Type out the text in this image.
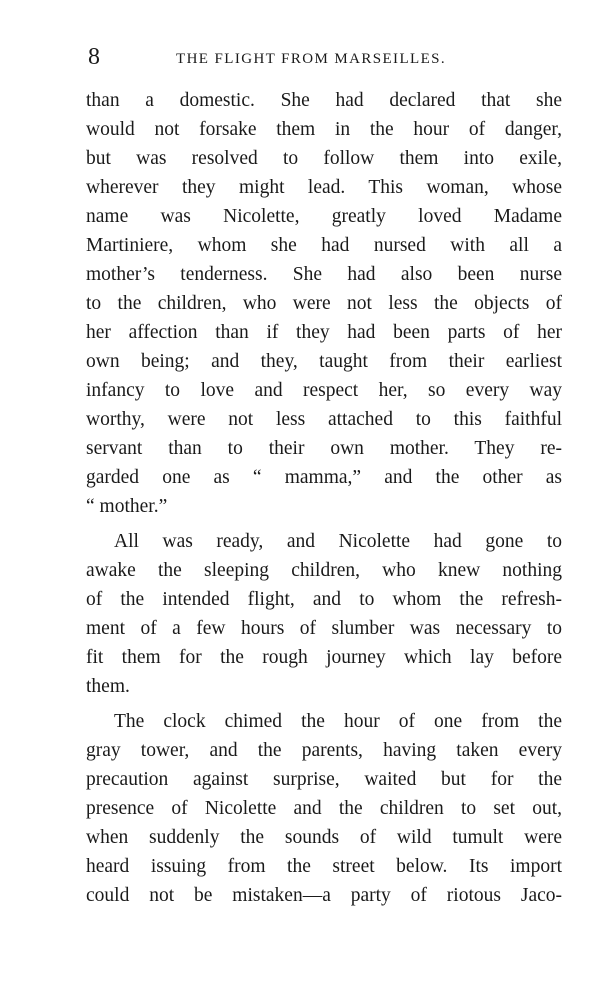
8	THE FLIGHT FROM MARSEILLES.

than a domestic. She had declared that she
would not forsake them in the hour of danger,
but was resolved to follow them into exile,
wherever they might lead. This woman, whose
name was Nicolette, greatly loved Madame
Martiniere, whom she had nursed with all a
mother’s tenderness. She had also been nurse
to the children, who were not less the objects of
her affection than if they had been parts of her
own being; and they, taught from their earliest
infancy to love and respect her, so every way
worthy, were not less attached to this faithful
servant than to their own mother. They re-
garded one as “ mamma,” and the other as
“ mother.”

All was ready, and Nicolette had gone to
awake the sleeping children, who knew nothing
of the intended flight, and to whom the refresh-
ment of a few hours of slumber was necessary to
fit them for the rough journey which lay before
them.

The clock chimed the hour of one from the
gray tower, and the parents, having taken every
precaution against surprise, waited but for the
presence of Nicolette and the children to set out,
when suddenly the sounds of wild tumult were
heard issuing from the street below. Its import
could not be mistaken—a party of riotous Jaco-
